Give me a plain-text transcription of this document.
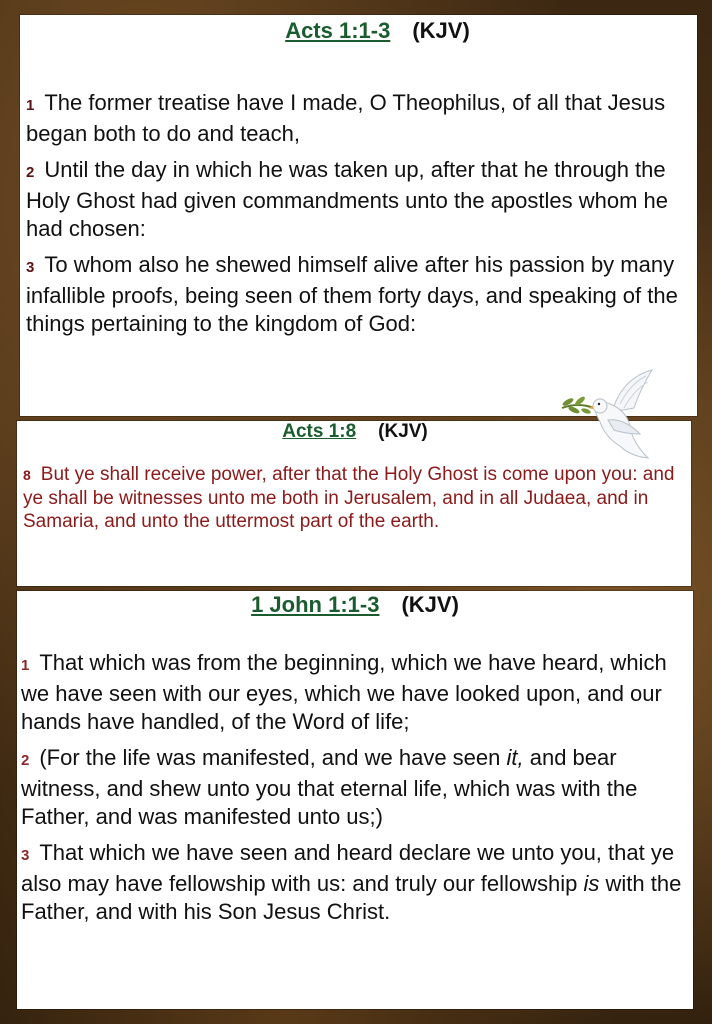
Acts 1:1-3 (KJV)

1 The former treatise have I made, O Theophilus, of all that Jesus began both to do and teach,

2 Until the day in which he was taken up, after that he through the Holy Ghost had given commandments unto the apostles whom he had chosen:

3 To whom also he shewed himself alive after his passion by many infallible proofs, being seen of them forty days, and speaking of the things pertaining to the kingdom of God:

Acts 1:8 (KJV)

8 But ye shall receive power, after that the Holy Ghost is come upon you: and ye shall be witnesses unto me both in Jerusalem, and in all Judaea, and in Samaria, and unto the uttermost part of the earth.

1 John 1:1-3 (KJV)

1 That which was from the beginning, which we have heard, which we have seen with our eyes, which we have looked upon, and our hands have handled, of the Word of life;

2 (For the life was manifested, and we have seen it, and bear witness, and shew unto you that eternal life, which was with the Father, and was manifested unto us;)

3 That which we have seen and heard declare we unto you, that ye also may have fellowship with us: and truly our fellowship is with the Father, and with his Son Jesus Christ.
